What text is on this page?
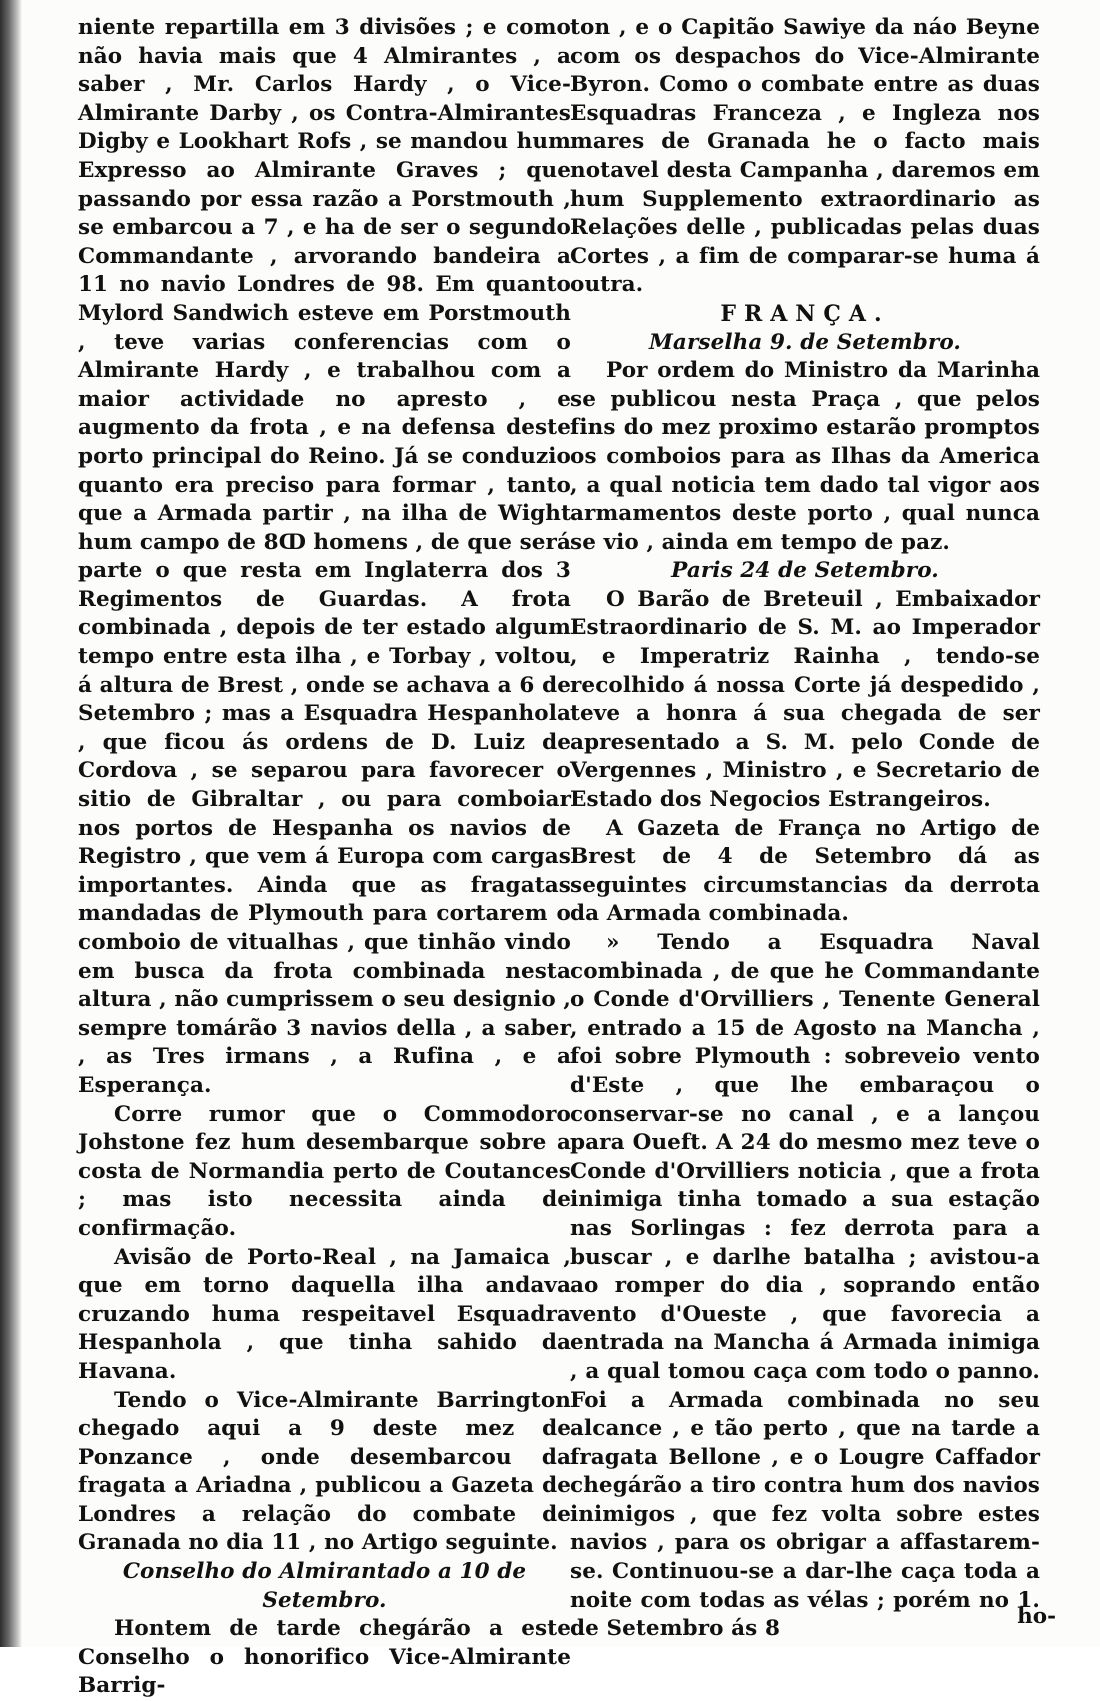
niente repartilla em 3 divisões ; e como não havia mais que 4 Almirantes , a saber , Mr. Carlos Hardy , o Vice-Almirante Darby , os Contra-Almirantes Digby e Lookhart Rofs , se mandou hum Expresso ao Almirante Graves ; que passando por essa razão a Porstmouth , se embarcou a 7 , e ha de ser o segundo Commandante , arvorando bandeira a 11 no navio Londres de 98. Em quanto Mylord Sandwich esteve em Porstmouth , teve varias conferencias com o Almirante Hardy , e trabalhou com a maior actividade no apresto , e augmento da frota , e na defensa deste porto principal do Reino. Já se conduzio quanto era preciso para formar , tanto que a Armada partir , na ilha de Wight hum campo de 8ↀ homens , de que será parte o que resta em Inglaterra dos 3 Regimentos de Guardas. A frota combinada , depois de ter estado algum tempo entre esta ilha , e Torbay , voltou á altura de Brest , onde se achava a 6 de Setembro ; mas a Esquadra Hespanhola , que ficou ás ordens de D. Luiz de Cordova , se separou para favorecer o sitio de Gibraltar , ou para comboiar nos portos de Hespanha os navios de Registro , que vem á Europa com cargas importantes. Ainda que as fragatas mandadas de Plymouth para cortarem o comboio de vitualhas , que tinhão vindo em busca da frota combinada nesta altura , não cumprissem o seu designio , sempre tomárão 3 navios della , a saber , as Tres irmans , a Rufina , e a Esperança.

Corre rumor que o Commodoro Johstone fez hum desembarque sobre a costa de Normandia perto de Coutances ; mas isto necessita ainda de confirmação.

Avisão de Porto-Real , na Jamaica , que em torno daquella ilha andava cruzando huma respeitavel Esquadra Hespanhola , que tinha sahido da Havana.

Tendo o Vice-Almirante Barrington chegado aqui a 9 deste mez de Ponzance , onde desembarcou da fragata a Ariadna , publicou a Gazeta de Londres a relação do combate de Granada no dia 11 , no Artigo seguinte.

Conselho do Almirantado a 10 de Setembro.

Hontem de tarde chegárão a este Conselho o honorifico Vice-Almirante Barrig-

ton , e o Capitão Sawiye da náo Beyne com os despachos do Vice-Almirante Byron. Como o combate entre as duas Esquadras Franceza , e Ingleza nos mares de Granada he o facto mais notavel desta Campanha , daremos em hum Supplemento extraordinario as Relações delle , publicadas pelas duas Cortes , a fim de comparar-se huma á outra.

FRANÇA.

Marselha 9. de Setembro.

Por ordem do Ministro da Marinha se publicou nesta Praça , que pelos fins do mez proximo estarão promptos os comboios para as Ilhas da America , a qual noticia tem dado tal vigor aos armamentos deste porto , qual nunca se vio , ainda em tempo de paz.

Paris 24 de Setembro.

O Barão de Breteuil , Embaixador Estraordinario de S. M. ao Imperador , e Imperatriz Rainha , tendo-se recolhido á nossa Corte já despedido , teve a honra á sua chegada de ser apresentado a S. M. pelo Conde de Vergennes , Ministro , e Secretario de Estado dos Negocios Estrangeiros.

A Gazeta de França no Artigo de Brest de 4 de Setembro dá as seguintes circumstancias da derrota da Armada combinada.

» Tendo a Esquadra Naval combinada , de que he Commandante o Conde d'Orvilliers , Tenente General , entrado a 15 de Agosto na Mancha , foi sobre Plymouth : sobreveio vento d'Este , que lhe embaraçou o conservar-se no canal , e a lançou para Oueft. A 24 do mesmo mez teve o Conde d'Orvilliers noticia , que a frota inimiga tinha tomado a sua estação nas Sorlingas : fez derrota para a buscar , e darlhe batalha ; avistou-a ao romper do dia , soprando então vento d'Oueste , que favorecia a entrada na Mancha á Armada inimiga , a qual tomou caça com todo o panno. Foi a Armada combinada no seu alcance , e tão perto , que na tarde a fragata Bellone , e o Lougre Caffador chegárão a tiro contra hum dos navios inimigos , que fez volta sobre estes navios , para os obrigar a affastarem-se. Continuou-se a dar-lhe caça toda a noite com todas as vélas ; porém no 1. de Setembro ás 8	ho-
